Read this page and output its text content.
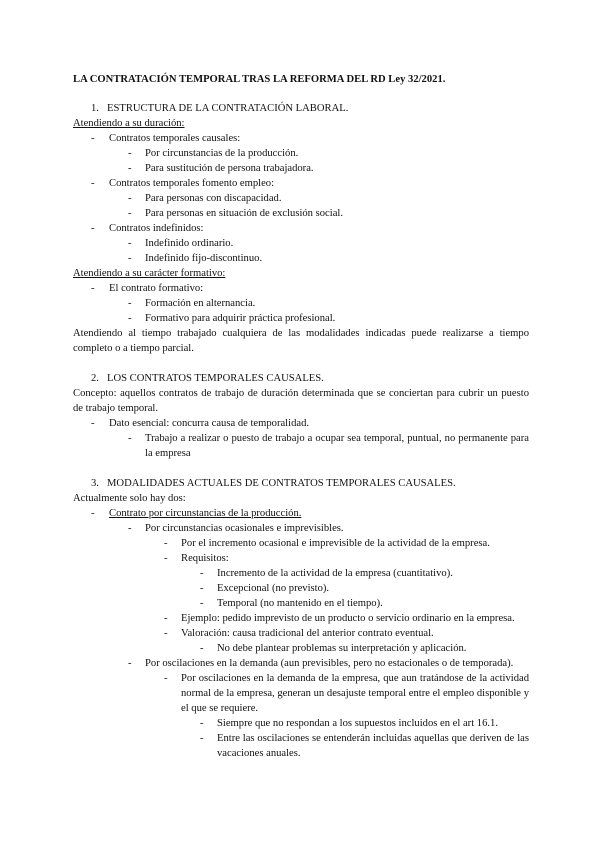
LA CONTRATACIÓN TEMPORAL TRAS LA REFORMA DEL RD Ley 32/2021.

1. ESTRUCTURA DE LA CONTRATACIÓN LABORAL.

Atendiendo a su duración:

- Contratos temporales causales:
- Por circunstancias de la producción.
- Para sustitución de persona trabajadora.
- Contratos temporales fomento empleo:
- Para personas con discapacidad.
- Para personas en situación de exclusión social.
- Contratos indefinidos:
- Indefinido ordinario.
- Indefinido fijo-discontinuo.

Atendiendo a su carácter formativo:

- El contrato formativo:
- Formación en alternancia.
- Formativo para adquirir práctica profesional.

Atendiendo al tiempo trabajado cualquiera de las modalidades indicadas puede realizarse a tiempo completo o a tiempo parcial.

2. LOS CONTRATOS TEMPORALES CAUSALES.

Concepto: aquellos contratos de trabajo de duración determinada que se conciertan para cubrir un puesto de trabajo temporal.

- Dato esencial: concurra causa de temporalidad.
- Trabajo a realizar o puesto de trabajo a ocupar sea temporal, puntual, no permanente para la empresa
3. MODALIDADES ACTUALES DE CONTRATOS TEMPORALES CAUSALES.

Actualmente solo hay dos:

- Contrato por circunstancias de la producción.
- Por circunstancias ocasionales e imprevisibles.
- Por el incremento ocasional e imprevisible de la actividad de la empresa.
- Requisitos:
- Incremento de la actividad de la empresa (cuantitativo).
- Excepcional (no previsto).
- Temporal (no mantenido en el tiempo).
- Ejemplo: pedido imprevisto de un producto o servicio ordinario en la empresa.
- Valoración: causa tradicional del anterior contrato eventual.
- No debe plantear problemas su interpretación y aplicación.
- Por oscilaciones en la demanda (aun previsibles, pero no estacionales o de temporada).
- Por oscilaciones en la demanda de la empresa, que aun tratándose de la actividad normal de la empresa, generan un desajuste temporal entre el empleo disponible y el que se requiere.
- Siempre que no respondan a los supuestos incluidos en el art 16.1.
- Entre las oscilaciones se entenderán incluidas aquellas que deriven de las vacaciones anuales.
